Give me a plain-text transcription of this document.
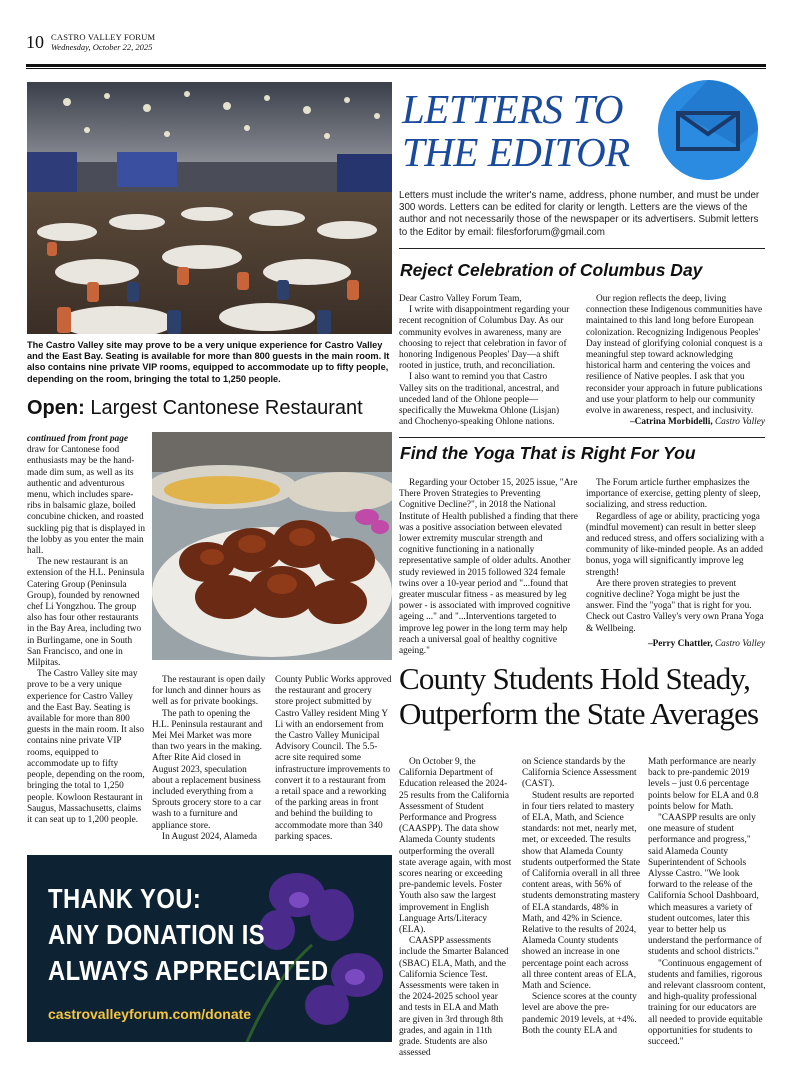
10 CASTRO VALLEY FORUM
Wednesday, October 22, 2025
The Castro Valley site may prove to be a very unique experience for Castro Valley and the East Bay. Seating is available for more than 800 guests in the main room. It also contains nine private VIP rooms, equipped to accommodate up to fifty people, depending on the room, bringing the total to 1,250 people.
Open: Largest Cantonese Restaurant

continued from front page

draw for Cantonese food enthusiasts may be the hand-made dim sum, as well as its authentic and adventurous menu, which includes spare-ribs in balsamic glaze, boiled concubine chicken, and roasted suckling pig that is displayed in the lobby as you enter the main hall.

The new restaurant is an extension of the H.L. Peninsula Catering Group (Peninsula Group), founded by renowned chef Li Yongzhou. The group also has four other restaurants in the Bay Area, including two in Burlingame, one in South San Francisco, and one in Milpitas.

The Castro Valley site may prove to be a very unique experience for Castro Valley and the East Bay. Seating is available for more than 800 guests in the main room. It also contains nine private VIP rooms, equipped to accommodate up to fifty people, depending on the room, bringing the total to 1,250 people. Kowloon Restaurant in Saugus, Massachusetts, claims it can seat up to 1,200 people.

The restaurant is open daily for lunch and dinner hours as well as for private bookings.

The path to opening the H.L. Peninsula restaurant and Mei Mei Market was more than two years in the making. After Rite Aid closed in August 2023, speculation about a replacement business included everything from a Sprouts grocery store to a car wash to a furniture and appliance store.

In August 2024, Alameda

County Public Works approved the restaurant and grocery store project submitted by Castro Valley resident Ming Y Li with an endorsement from the Castro Valley Municipal Advisory Council. The 5.5-acre site required some infrastructure improvements to convert it to a restaurant from a retail space and a reworking of the parking areas in front and behind the building to accommodate more than 340 parking spaces.

THANK YOU:
ANY DONATION IS
ALWAYS APPRECIATED
castrovalleyforum.com/donate
LETTERS TO
THE EDITOR
Letters must include the writer's name, address, phone number, and must be under 300 words. Letters can be edited for clarity or length. Letters are the views of the author and not necessarily those of the newspaper or its advertisers. Submit letters to the Editor by email: filesforforum@gmail.com
Reject Celebration of Columbus Day

Dear Castro Valley Forum Team,

I write with disappointment regarding your recent recognition of Columbus Day. As our community evolves in awareness, many are choosing to reject that celebration in favor of honoring Indigenous Peoples' Day—a shift rooted in justice, truth, and reconciliation.

I also want to remind you that Castro Valley sits on the traditional, ancestral, and unceded land of the Ohlone people—specifically the Muwekma Ohlone (Lisjan) and Chochenyo-speaking Ohlone nations.

Our region reflects the deep, living connection these Indigenous communities have maintained to this land long before European colonization. Recognizing Indigenous Peoples' Day instead of glorifying colonial conquest is a meaningful step toward acknowledging historical harm and centering the voices and resilience of Native peoples. I ask that you reconsider your approach in future publications and use your platform to help our community evolve in awareness, respect, and inclusivity.

–Catrina Morbidelli, Castro Valley
Find the Yoga That is Right For You

Regarding your October 15, 2025 issue, "Are There Proven Strategies to Preventing Cognitive Decline?", in 2018 the National Institute of Health published a finding that there was a positive association between elevated lower extremity muscular strength and cognitive functioning in a nationally representative sample of older adults. Another study reviewed in 2015 followed 324 female twins over a 10-year period and "...found that greater muscular fitness - as measured by leg power - is associated with improved cognitive ageing ..." and "...Interventions targeted to improve leg power in the long term may help reach a universal goal of healthy cognitive ageing."

The Forum article further emphasizes the importance of exercise, getting plenty of sleep, socializing, and stress reduction.

Regardless of age or ability, practicing yoga (mindful movement) can result in better sleep and reduced stress, and offers socializing with a community of like-minded people. As an added bonus, yoga will significantly improve leg strength!

Are there proven strategies to prevent cognitive decline? Yoga might be just the answer. Find the "yoga" that is right for you. Check out Castro Valley's very own Prana Yoga & Wellbeing.

–Perry Chattler, Castro Valley
County Students Hold Steady,
Outperform the State Averages

On October 9, the California Department of Education released the 2024-25 results from the California Assessment of Student Performance and Progress (CAASPP). The data show Alameda County students outperforming the overall state average again, with most scores nearing or exceeding pre-pandemic levels. Foster Youth also saw the largest improvement in English Language Arts/Literacy (ELA).

CAASPP assessments include the Smarter Balanced (SBAC) ELA, Math, and the California Science Test. Assessments were taken in the 2024-2025 school year and tests in ELA and Math are given in 3rd through 8th grades, and again in 11th grade. Students are also assessed

on Science standards by the California Science Assessment (CAST).

Student results are reported in four tiers related to mastery of ELA, Math, and Science standards: not met, nearly met, met, or exceeded. The results show that Alameda County students outperformed the State of California overall in all three content areas, with 56% of students demonstrating mastery of ELA standards, 48% in Math, and 42% in Science. Relative to the results of 2024, Alameda County students showed an increase in one percentage point each across all three content areas of ELA, Math and Science.

Science scores at the county level are above the pre-pandemic 2019 levels, at +4%. Both the county ELA and

Math performance are nearly back to pre-pandemic 2019 levels – just 0.6 percentage points below for ELA and 0.8 points below for Math.

"CAASPP results are only one measure of student performance and progress," said Alameda County Superintendent of Schools Alysse Castro. "We look forward to the release of the California School Dashboard, which measures a variety of student outcomes, later this year to better help us understand the performance of students and school districts."

"Continuous engagement of students and families, rigorous and relevant classroom content, and high-quality professional training for our educators are all needed to provide equitable opportunities for students to succeed."
